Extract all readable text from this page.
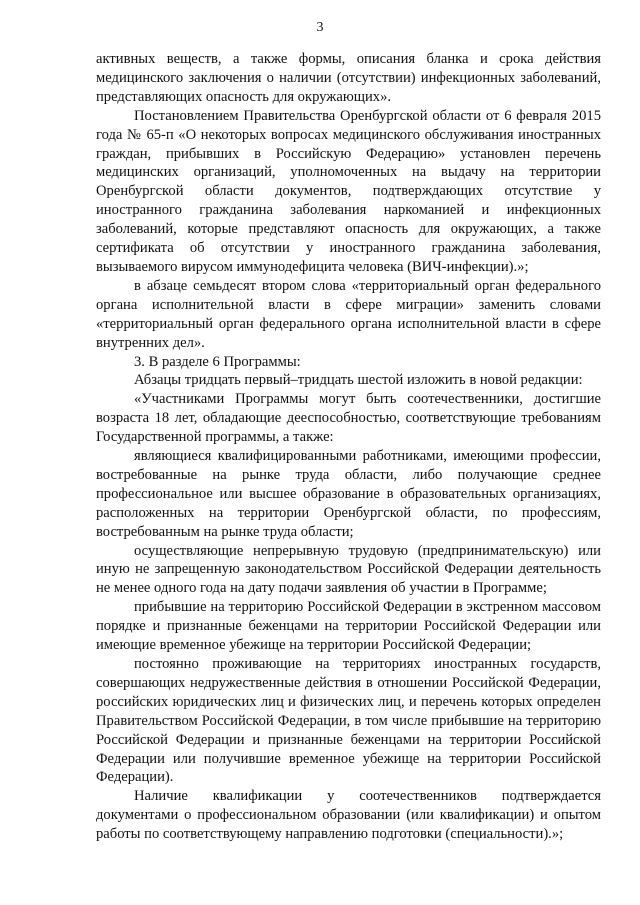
3

активных веществ, а также формы, описания бланка и срока действия медицинского заключения о наличии (отсутствии) инфекционных заболеваний, представляющих опасность для окружающих».

Постановлением Правительства Оренбургской области от 6 февраля 2015 года № 65-п «О некоторых вопросах медицинского обслуживания иностранных граждан, прибывших в Российскую Федерацию» установлен перечень медицинских организаций, уполномоченных на выдачу на территории Оренбургской области документов, подтверждающих отсутствие у иностранного гражданина заболевания наркоманией и инфекционных заболеваний, которые представляют опасность для окружающих, а также сертификата об отсутствии у иностранного гражданина заболевания, вызываемого вирусом иммунодефицита человека (ВИЧ-инфекции).»;

в абзаце семьдесят втором слова «территориальный орган федерального органа исполнительной власти в сфере миграции» заменить словами «территориальный орган федерального органа исполнительной власти в сфере внутренних дел».

3. В разделе 6 Программы:

Абзацы тридцать первый–тридцать шестой изложить в новой редакции:

«Участниками Программы могут быть соотечественники, достигшие возраста 18 лет, обладающие дееспособностью, соответствующие требованиям Государственной программы, а также:

являющиеся квалифицированными работниками, имеющими профессии, востребованные на рынке труда области, либо получающие среднее профессиональное или высшее образование в образовательных организациях, расположенных на территории Оренбургской области, по профессиям, востребованным на рынке труда области;

осуществляющие непрерывную трудовую (предпринимательскую) или иную не запрещенную законодательством Российской Федерации деятельность не менее одного года на дату подачи заявления об участии в Программе;

прибывшие на территорию Российской Федерации в экстренном массовом порядке и признанные беженцами на территории Российской Федерации или имеющие временное убежище на территории Российской Федерации;

постоянно проживающие на территориях иностранных государств, совершающих недружественные действия в отношении Российской Федерации, российских юридических лиц и физических лиц, и перечень которых определен Правительством Российской Федерации, в том числе прибывшие на территорию Российской Федерации и признанные беженцами на территории Российской Федерации или получившие временное убежище на территории Российской Федерации).

Наличие квалификации у соотечественников подтверждается документами о профессиональном образовании (или квалификации) и опытом работы по соответствующему направлению подготовки (специальности).»;
